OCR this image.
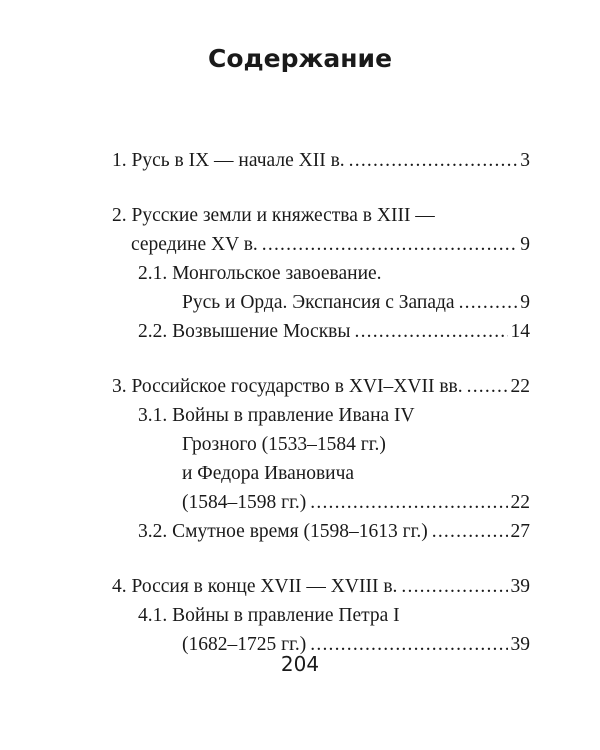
Содержание
1. Русь в IX — начале XII в. .....	3
2. Русские земли и княжества в XIII —
середине XV в. .....	9
2.1. Монгольское завоевание.
Русь и Орда. Экспансия с Запада .....	9
2.2. Возвышение Москвы .....	14
3. Российское государство в XVI–XVII вв. ..... 22
3.1. Войны в правление Ивана IV
Грозного (1533–1584 гг.)
и Федора Ивановича
(1584–1598 гг.) .....	22
3.2. Смутное время (1598–1613 гг.) .....	27
4. Россия в конце XVII — XVIII в. .....	39
4.1. Войны в правление Петра I
(1682–1725 гг.) .....	39
204
